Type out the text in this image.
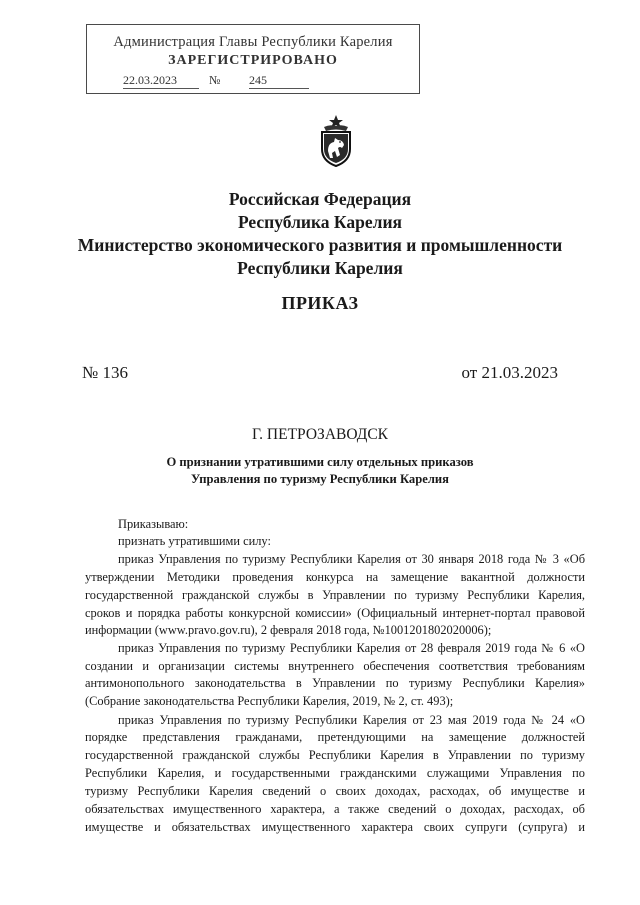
Администрация Главы Республики Карелия
ЗАРЕГИСТРИРОВАНО
22.03.2023	№ 245
Российская Федерация
Республика Карелия
Министерство экономического развития и промышленности
Республики Карелия
ПРИКАЗ
№ 136	от 21.03.2023
Г. ПЕТРОЗАВОДСК
О признании утратившими силу отдельных приказов
Управления по туризму Республики Карелия
Приказываю:
признать утратившими силу:
приказ Управления по туризму Республики Карелия от 30 января 2018 года № 3 «Об
утверждении Методики проведения конкурса на замещение вакантной должности
государственной гражданской службы в Управлении по туризму Республики Карелия,
сроков и порядка работы конкурсной комиссии» (Официальный интернет-портал правовой
информации (www.pravo.gov.ru), 2 февраля 2018 года, №1001201802020006);
приказ Управления по туризму Республики Карелия от 28 февраля 2019 года № 6 «О
создании и организации системы внутреннего обеспечения соответствия требованиям
антимонопольного законодательства в Управлении по туризму Республики Карелия»
(Собрание законодательства Республики Карелия, 2019, № 2, ст. 493);
приказ Управления по туризму Республики Карелия от 23 мая 2019 года № 24 «О
порядке представления гражданами, претендующими на замещение должностей
государственной гражданской службы Республики Карелия в Управлении по туризму
Республики Карелия, и государственными гражданскими служащими Управления по
туризму Республики Карелия сведений о своих доходах, расходах, об имуществе и
обязательствах имущественного характера, а также сведений о доходах, расходах, об
имуществе и обязательствах имущественного характера своих супруги (супруга) и
